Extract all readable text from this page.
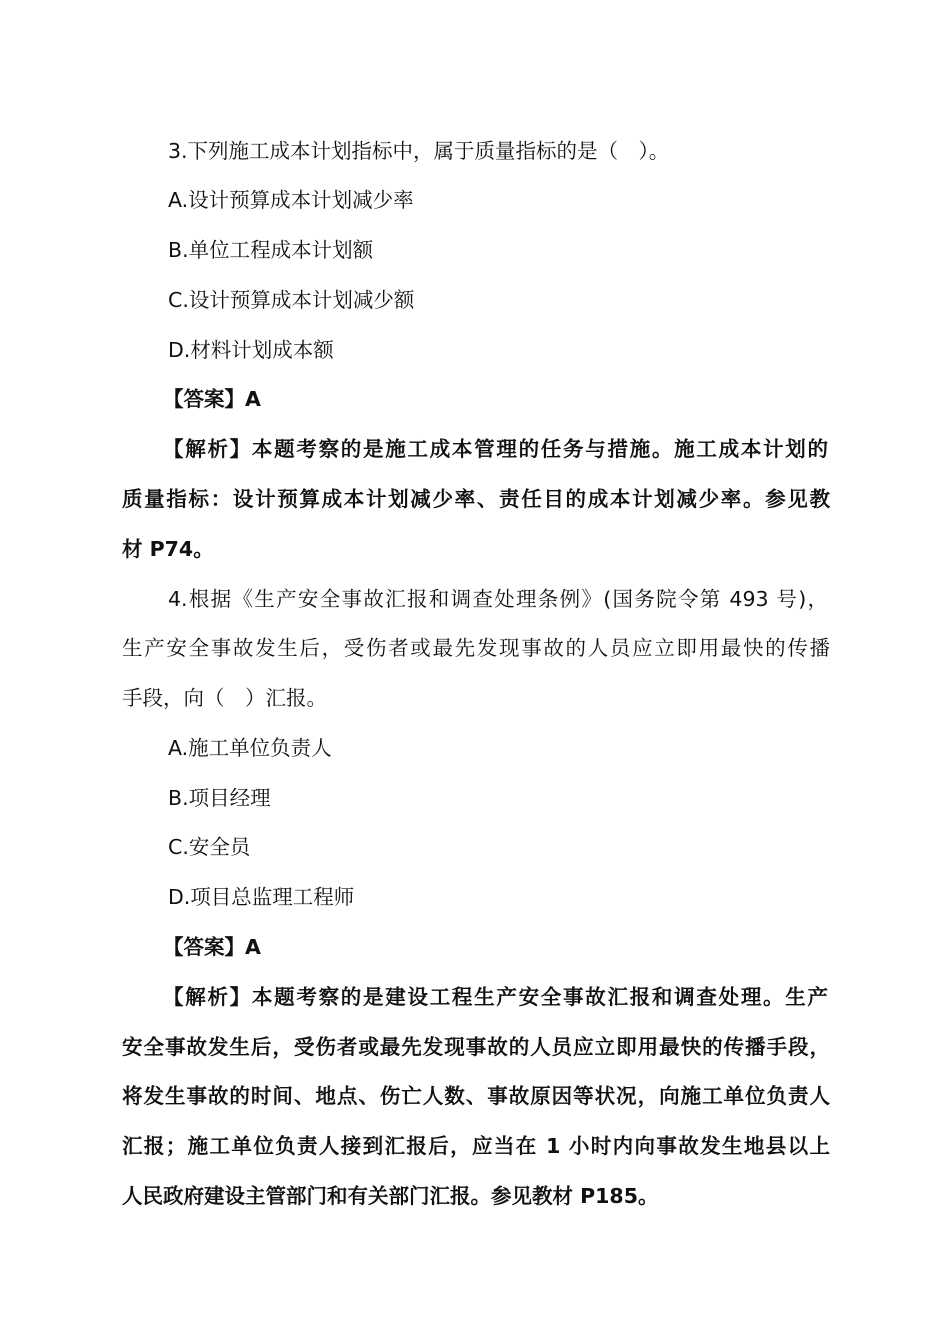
3.下列施工成本计划指标中，属于质量指标的是（　）。
A.设计预算成本计划减少率
B.单位工程成本计划额
C.设计预算成本计划减少额
D.材料计划成本额
【答案】A
【解析】本题考察的是施工成本管理的任务与措施。施工成本计划的
质量指标：设计预算成本计划减少率、责任目的成本计划减少率。参见教
材 P74。
4.根据《生产安全事故汇报和调查处理条例》(国务院令第 493 号)，
生产安全事故发生后，受伤者或最先发现事故的人员应立即用最快的传播
手段，向（　）汇报。
A.施工单位负责人
B.项目经理
C.安全员
D.项目总监理工程师
【答案】A
【解析】本题考察的是建设工程生产安全事故汇报和调查处理。生产
安全事故发生后，受伤者或最先发现事故的人员应立即用最快的传播手段，
将发生事故的时间、地点、伤亡人数、事故原因等状况，向施工单位负责人
汇报；施工单位负责人接到汇报后，应当在 1 小时内向事故发生地县以上
人民政府建设主管部门和有关部门汇报。参见教材 P185。
